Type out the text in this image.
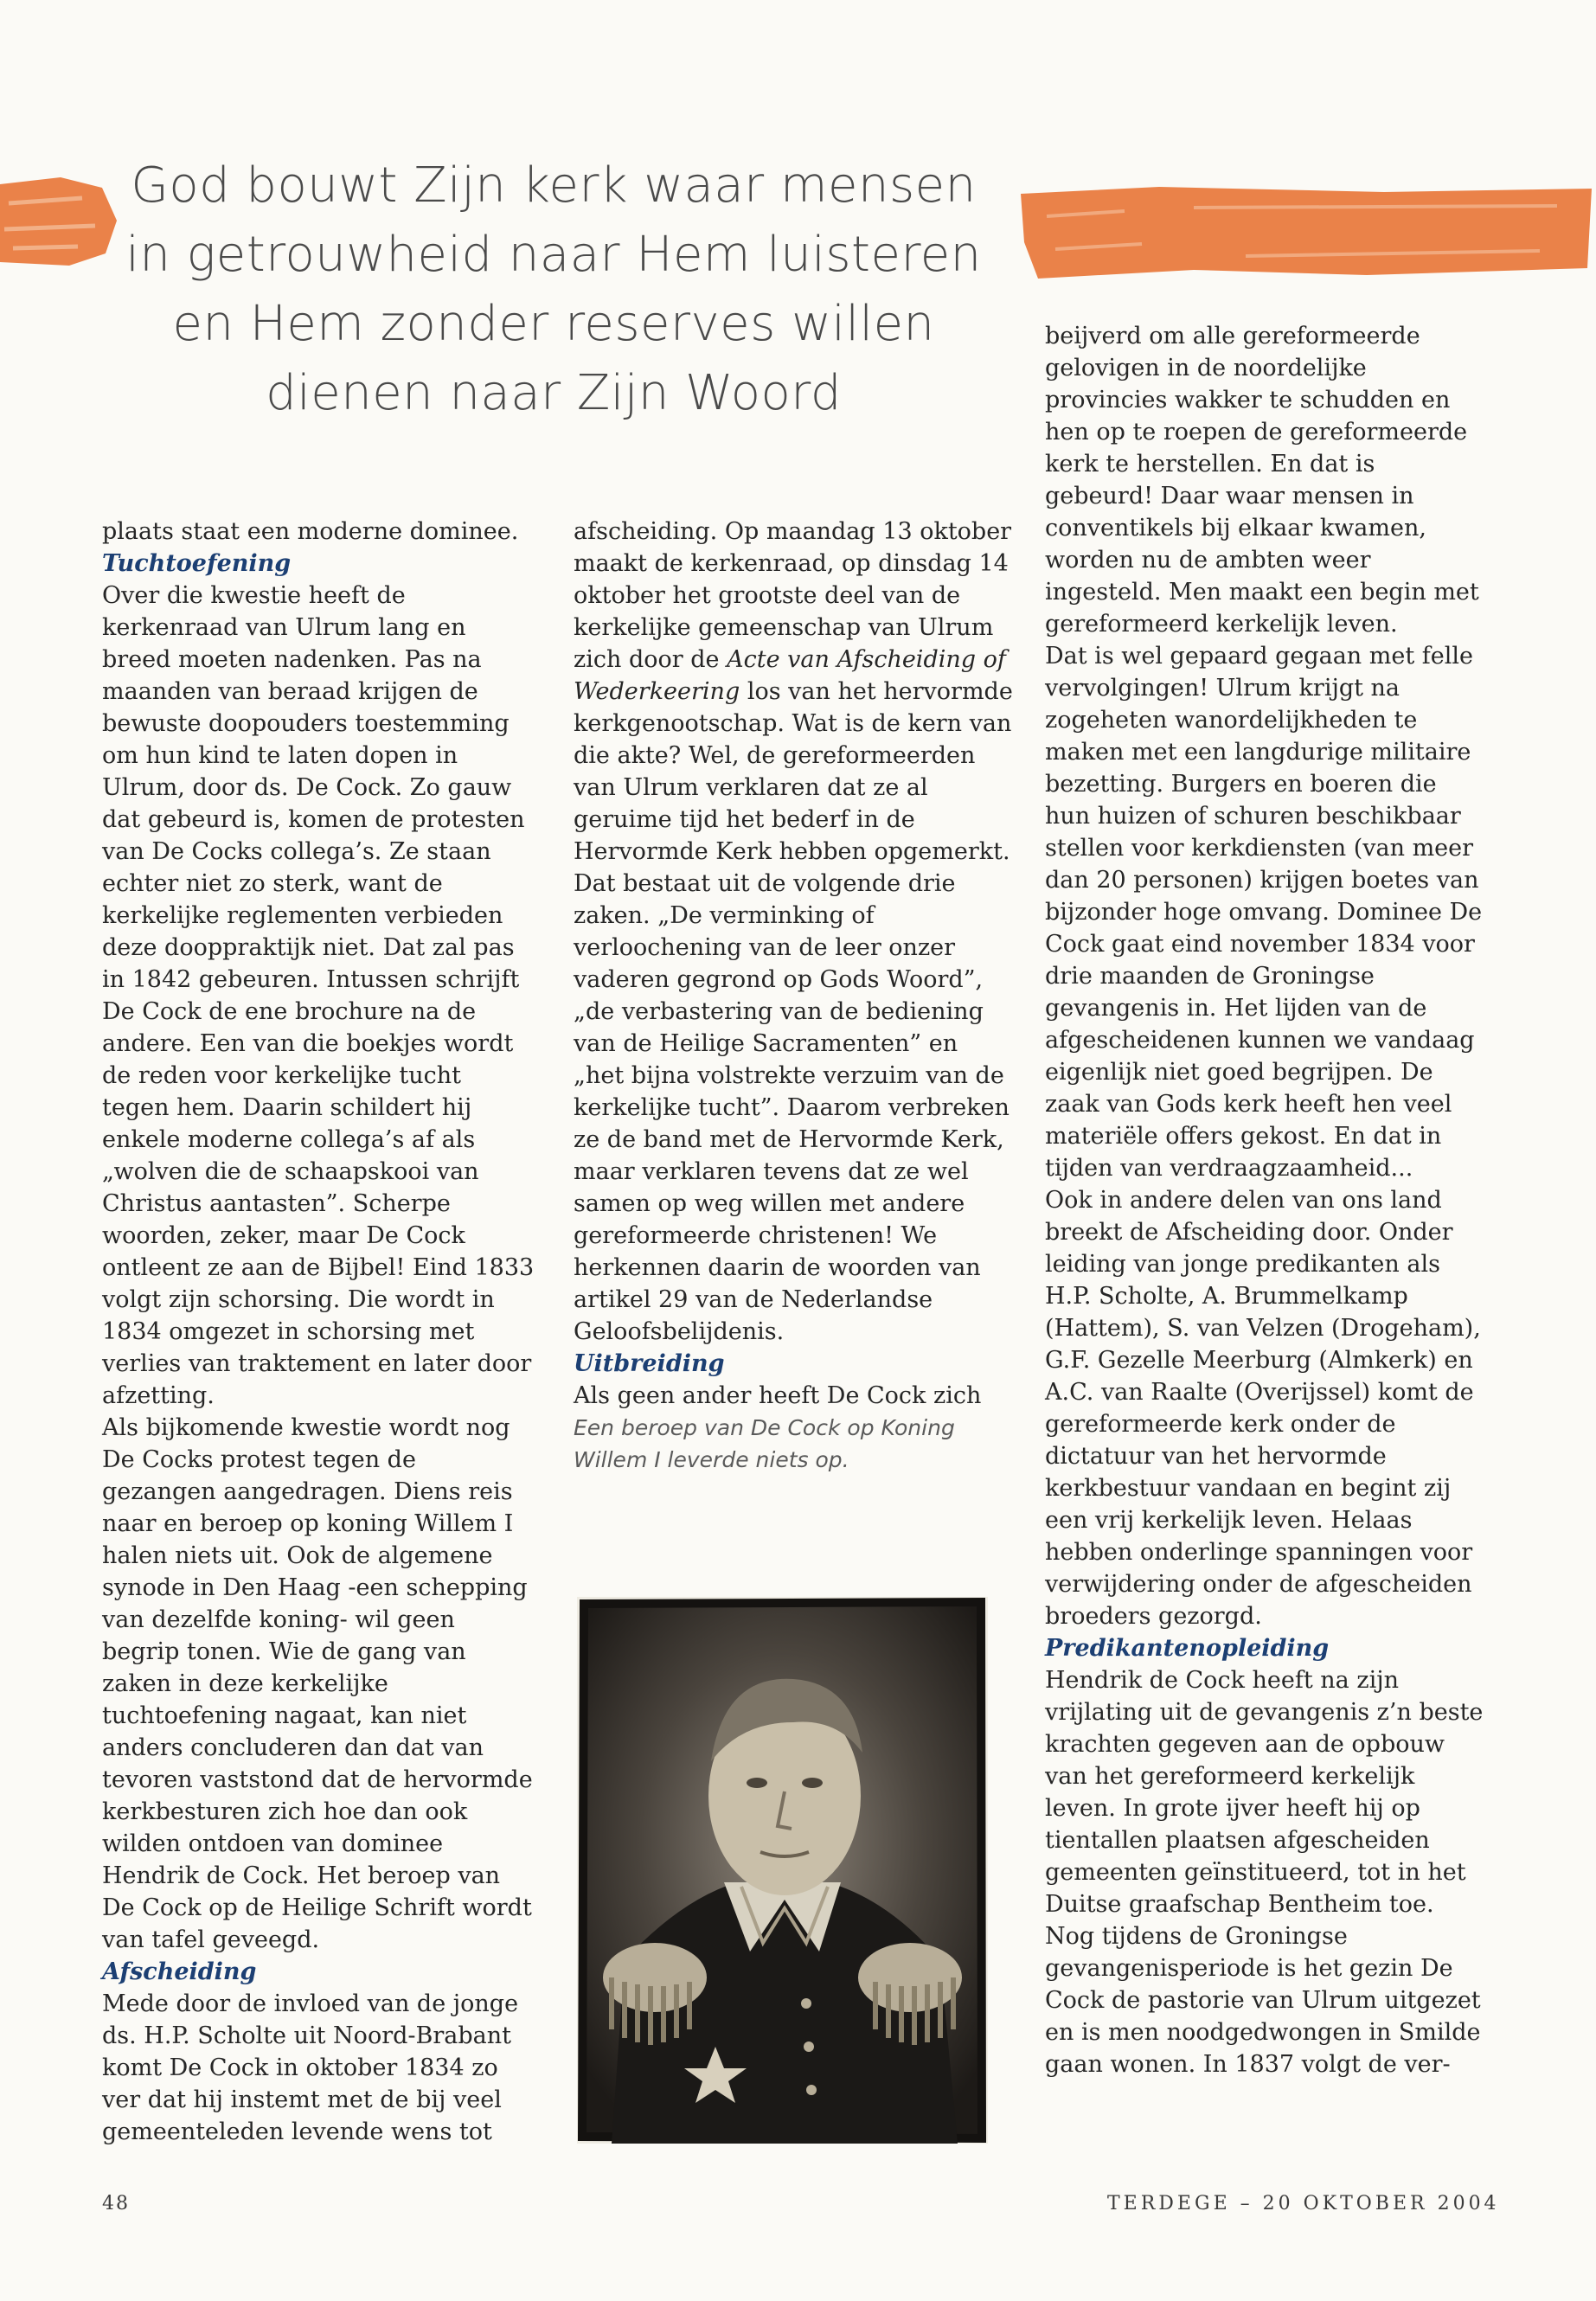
God bouwt Zijn kerk waar mensen
in getrouwheid naar Hem luisteren
en Hem zonder reserves willen
dienen naar Zijn Woord

plaats staat een moderne dominee.

Tuchtoefening

Over die kwestie heeft de kerkenraad van Ulrum lang en breed moeten nadenken. Pas na maanden van beraad krijgen de bewuste doopouders toestemming om hun kind te laten dopen in Ulrum, door ds. De Cock. Zo gauw dat gebeurd is, komen de protesten van De Cocks collega’s. Ze staan echter niet zo sterk, want de kerkelijke reglementen verbieden deze dooppraktijk niet. Dat zal pas in 1842 gebeuren. Intussen schrijft De Cock de ene brochure na de andere. Een van die boekjes wordt de reden voor kerkelijke tucht tegen hem. Daarin schildert hij enkele moderne collega’s af als „wolven die de schaapskooi van Christus aantasten”. Scherpe woorden, zeker, maar De Cock ontleent ze aan de Bijbel! Eind 1833 volgt zijn schorsing. Die wordt in 1834 omgezet in schorsing met verlies van traktement en later door afzetting.

Als bijkomende kwestie wordt nog De Cocks protest tegen de gezangen aangedragen. Diens reis naar en beroep op koning Willem I halen niets uit. Ook de algemene synode in Den Haag -een schepping van dezelfde koning- wil geen begrip tonen. Wie de gang van zaken in deze kerkelijke tuchtoefening nagaat, kan niet anders concluderen dan dat van tevoren vaststond dat de hervormde kerkbesturen zich hoe dan ook wilden ontdoen van dominee Hendrik de Cock. Het beroep van De Cock op de Heilige Schrift wordt van tafel geveegd.

Afscheiding

Mede door de invloed van de jonge ds. H.P. Scholte uit Noord-Brabant komt De Cock in oktober 1834 zo ver dat hij instemt met de bij veel gemeenteleden levende wens tot

afscheiding. Op maandag 13 oktober maakt de kerkenraad, op dinsdag 14 oktober het grootste deel van de kerkelijke gemeenschap van Ulrum zich door de Acte van Afscheiding of Wederkeering los van het hervormde kerkgenootschap. Wat is de kern van die akte? Wel, de gereformeerden van Ulrum verklaren dat ze al geruime tijd het bederf in de Hervormde Kerk hebben opgemerkt. Dat bestaat uit de volgende drie zaken. „De verminking of verloochening van de leer onzer vaderen gegrond op Gods Woord”, „de verbastering van de bediening van de Heilige Sacramenten” en „het bijna volstrekte verzuim van de kerkelijke tucht”. Daarom verbreken ze de band met de Hervormde Kerk, maar verklaren tevens dat ze wel samen op weg willen met andere gereformeerde christenen! We herkennen daarin de woorden van artikel 29 van de Nederlandse Geloofsbelijdenis.

Uitbreiding

Als geen ander heeft De Cock zich

Een beroep van De Cock op Koning Willem I leverde niets op.

beijverd om alle gereformeerde gelovigen in de noordelijke provincies wakker te schudden en hen op te roepen de gereformeerde kerk te herstellen. En dat is gebeurd! Daar waar mensen in conventikels bij elkaar kwamen, worden nu de ambten weer ingesteld. Men maakt een begin met gereformeerd kerkelijk leven.

Dat is wel gepaard gegaan met felle vervolgingen! Ulrum krijgt na zogeheten wanordelijkheden te maken met een langdurige militaire bezetting. Burgers en boeren die hun huizen of schuren beschikbaar stellen voor kerkdiensten (van meer dan 20 personen) krijgen boetes van bijzonder hoge omvang. Dominee De Cock gaat eind november 1834 voor drie maanden de Groningse gevangenis in. Het lijden van de afgescheidenen kunnen we vandaag eigenlijk niet goed begrijpen. De zaak van Gods kerk heeft hen veel materiële offers gekost. En dat in tijden van verdraagzaamheid...

Ook in andere delen van ons land breekt de Afscheiding door. Onder leiding van jonge predikanten als H.P. Scholte, A. Brummelkamp (Hattem), S. van Velzen (Drogeham), G.F. Gezelle Meerburg (Almkerk) en A.C. van Raalte (Overijssel) komt de gereformeerde kerk onder de dictatuur van het hervormde kerkbestuur vandaan en begint zij een vrij kerkelijk leven. Helaas hebben onderlinge spanningen voor verwijdering onder de afgescheiden broeders gezorgd.

Predikantenopleiding

Hendrik de Cock heeft na zijn vrijlating uit de gevangenis z’n beste krachten gegeven aan de opbouw van het gereformeerd kerkelijk leven. In grote ijver heeft hij op tientallen plaatsen afgescheiden gemeenten geïnstitueerd, tot in het Duitse graafschap Bentheim toe. Nog tijdens de Groningse gevangenisperiode is het gezin De Cock de pastorie van Ulrum uitgezet en is men noodgedwongen in Smilde gaan wonen. In 1837 volgt de ver-

48	TERDEGE – 20 OKTOBER 2004
